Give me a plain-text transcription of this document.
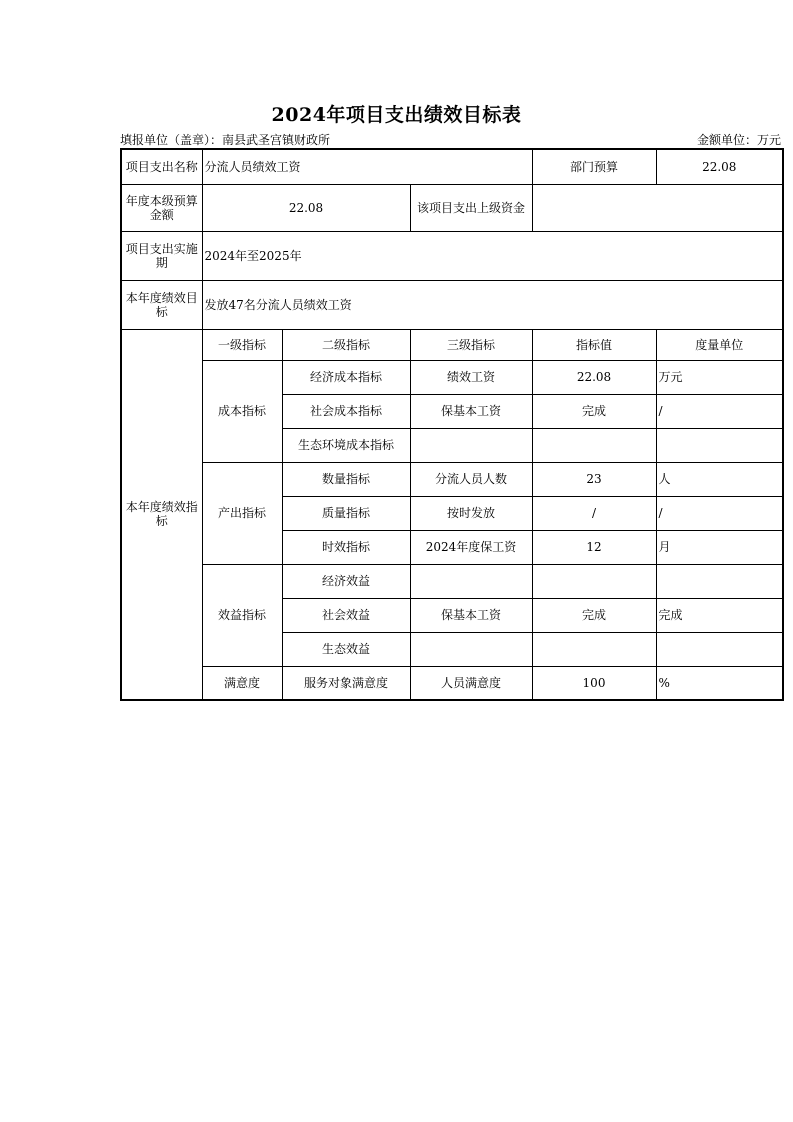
2024年项目支出绩效目标表
填报单位（盖章）：南县武圣宫镇财政所	金额单位：万元
项目支出名称	分流人员绩效工资			部门预算	22.08
年度本级预算金额	22.08		该项目支出上级资金		
项目支出实施期	2024年至2025年				
本年度绩效目标	发放47名分流人员绩效工资				
本年度绩效指标	一级指标	二级指标	三级指标	指标值	度量单位
	成本指标	经济成本指标	绩效工资	22.08	万元
		社会成本指标	保基本工资	完成	/
		生态环境成本指标			
	产出指标	数量指标	分流人员人数	23	人
		质量指标	按时发放	/	/
		时效指标	2024年度保工资	12	月
	效益指标	经济效益			
		社会效益	保基本工资	完成	完成
		生态效益			
	满意度	服务对象满意度	人员满意度	100	%
